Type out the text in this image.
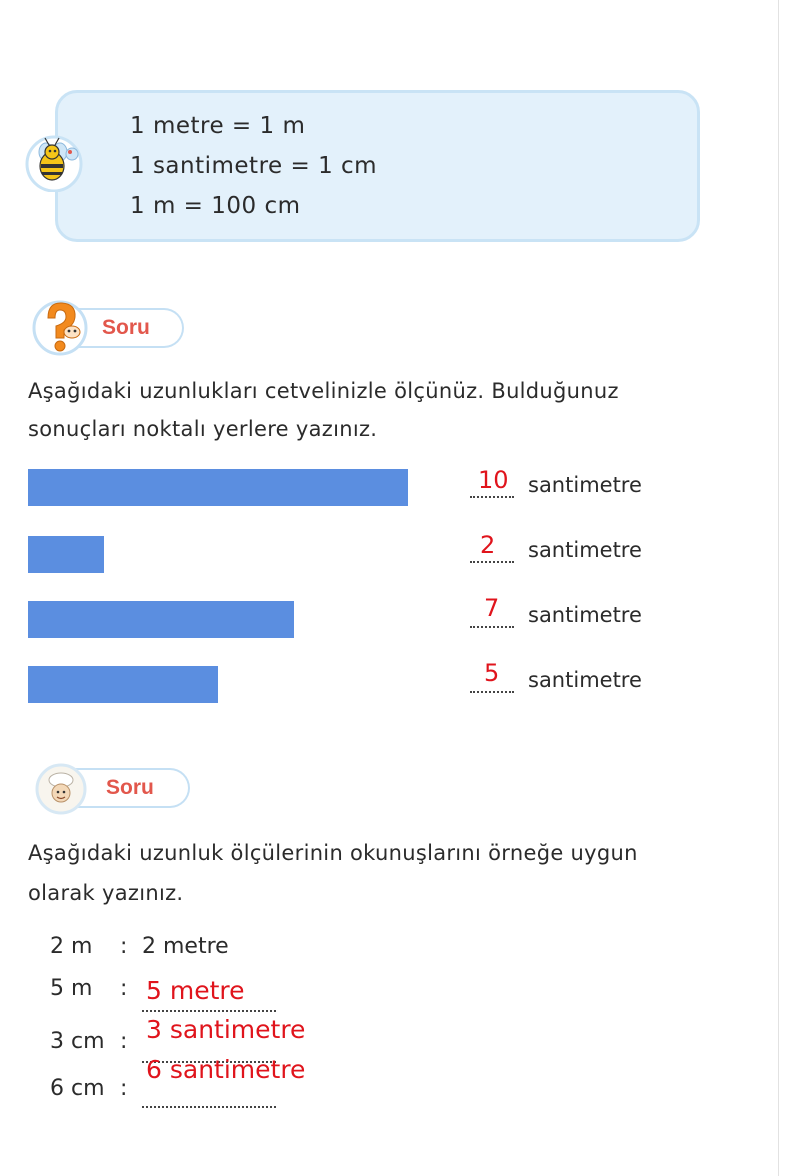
1 metre = 1 m
1 santimetre = 1 cm
1 m = 100 cm
Soru
Aşağıdaki uzunlukları cetvelinizle ölçünüz. Bulduğunuz
sonuçları noktalı yerlere yazınız.
10 santimetre
2 santimetre
7 santimetre
5 santimetre
Soru
Aşağıdaki uzunluk ölçülerinin okunuşlarını örneğe uygun
olarak yazınız.
2 m : 2 metre
5 m : 5 metre
3 cm : 3 santimetre
6 cm :
6 santimetre
